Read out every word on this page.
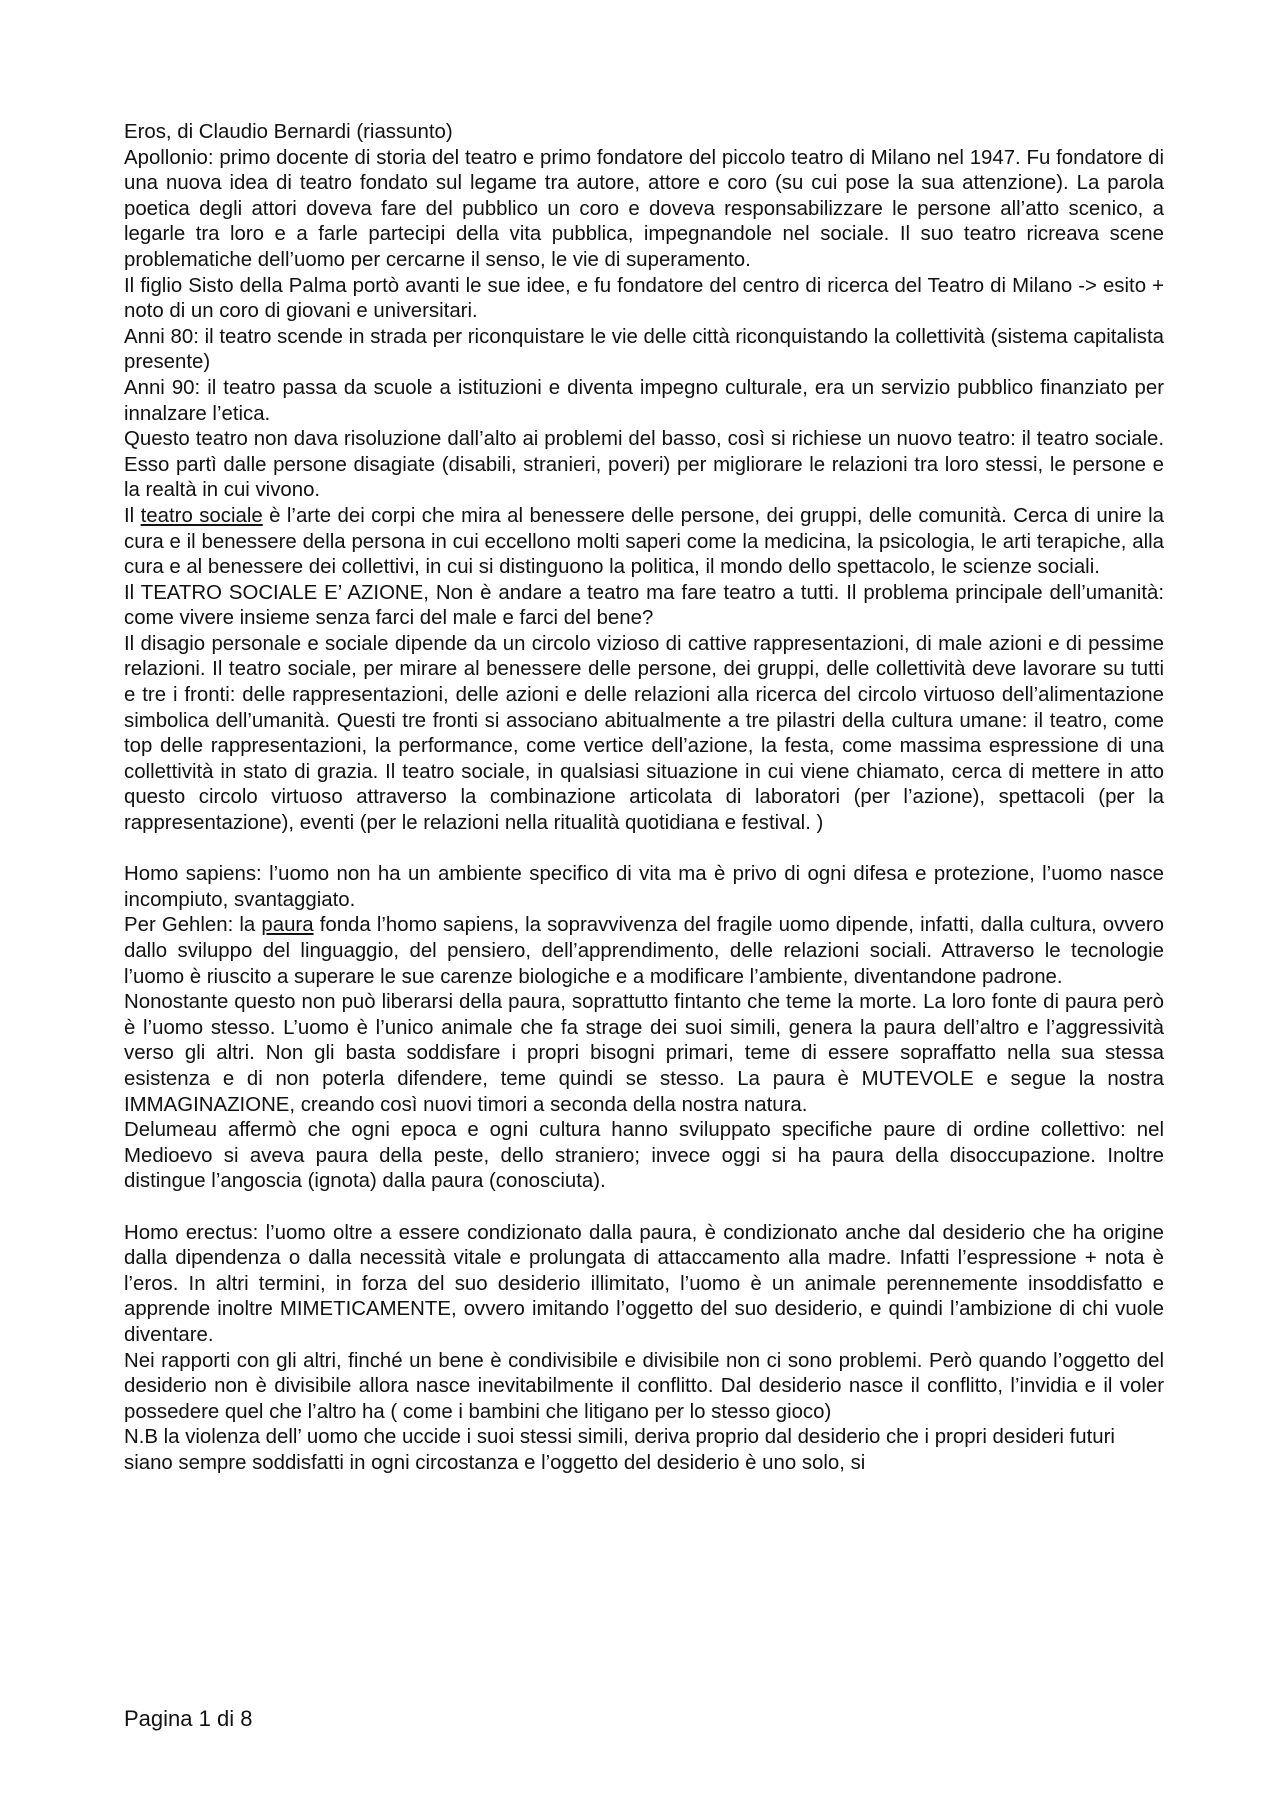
Eros, di Claudio Bernardi (riassunto)

Apollonio: primo docente di storia del teatro e primo fondatore del piccolo teatro di Milano nel 1947. Fu fondatore di una nuova idea di teatro fondato sul legame tra autore, attore e coro (su cui pose la sua attenzione). La parola poetica degli attori doveva fare del pubblico un coro e doveva responsabilizzare le persone all’atto scenico, a legarle tra loro e a farle partecipi della vita pubblica, impegnandole nel sociale. Il suo teatro ricreava scene problematiche dell’uomo per cercarne il senso, le vie di superamento.

Il figlio Sisto della Palma portò avanti le sue idee, e fu fondatore del centro di ricerca del Teatro di Milano -> esito + noto di un coro di giovani e universitari.

Anni 80: il teatro scende in strada per riconquistare le vie delle città riconquistando la collettività (sistema capitalista presente)

Anni 90: il teatro passa da scuole a istituzioni e diventa impegno culturale, era un servizio pubblico finanziato per innalzare l’etica.

Questo teatro non dava risoluzione dall’alto ai problemi del basso, così si richiese un nuovo teatro: il teatro sociale. Esso partì dalle persone disagiate (disabili, stranieri, poveri) per migliorare le relazioni tra loro stessi, le persone e la realtà in cui vivono.

Il teatro sociale è l’arte dei corpi che mira al benessere delle persone, dei gruppi, delle comunità. Cerca di unire la cura e il benessere della persona in cui eccellono molti saperi come la medicina, la psicologia, le arti terapiche, alla cura e al benessere dei collettivi, in cui si distinguono la politica, il mondo dello spettacolo, le scienze sociali.

Il TEATRO SOCIALE E’ AZIONE, Non è andare a teatro ma fare teatro a tutti. Il problema principale dell’umanità: come vivere insieme senza farci del male e farci del bene?

Il disagio personale e sociale dipende da un circolo vizioso di cattive rappresentazioni, di male azioni e di pessime relazioni. Il teatro sociale, per mirare al benessere delle persone, dei gruppi, delle collettività deve lavorare su tutti e tre i fronti: delle rappresentazioni, delle azioni e delle relazioni alla ricerca del circolo virtuoso dell’alimentazione simbolica dell’umanità. Questi tre fronti si associano abitualmente a tre pilastri della cultura umane: il teatro, come top delle rappresentazioni, la performance, come vertice dell’azione, la festa, come massima espressione di una collettività in stato di grazia. Il teatro sociale, in qualsiasi situazione in cui viene chiamato, cerca di mettere in atto questo circolo virtuoso attraverso la combinazione articolata di laboratori (per l’azione), spettacoli (per la rappresentazione), eventi (per le relazioni nella ritualità quotidiana e festival. )

Homo sapiens: l’uomo non ha un ambiente specifico di vita ma è privo di ogni difesa e protezione, l’uomo nasce incompiuto, svantaggiato.

Per Gehlen: la paura fonda l’homo sapiens, la sopravvivenza del fragile uomo dipende, infatti, dalla cultura, ovvero dallo sviluppo del linguaggio, del pensiero, dell’apprendimento, delle relazioni sociali. Attraverso le tecnologie l’uomo è riuscito a superare le sue carenze biologiche e a modificare l’ambiente, diventandone padrone.

Nonostante questo non può liberarsi della paura, soprattutto fintanto che teme la morte. La loro fonte di paura però è l’uomo stesso. L’uomo è l’unico animale che fa strage dei suoi simili, genera la paura dell’altro e l’aggressività verso gli altri. Non gli basta soddisfare i propri bisogni primari, teme di essere sopraffatto nella sua stessa esistenza e di non poterla difendere, teme quindi se stesso. La paura è MUTEVOLE e segue la nostra IMMAGINAZIONE, creando così nuovi timori a seconda della nostra natura.

Delumeau affermò che ogni epoca e ogni cultura hanno sviluppato specifiche paure di ordine collettivo: nel Medioevo si aveva paura della peste, dello straniero; invece oggi si ha paura della disoccupazione. Inoltre distingue l’angoscia (ignota) dalla paura (conosciuta).

Homo erectus: l’uomo oltre a essere condizionato dalla paura, è condizionato anche dal desiderio che ha origine dalla dipendenza o dalla necessità vitale e prolungata di attaccamento alla madre. Infatti l’espressione + nota è l’eros. In altri termini, in forza del suo desiderio illimitato, l’uomo è un animale perennemente insoddisfatto e apprende inoltre MIMETICAMENTE, ovvero imitando l’oggetto del suo desiderio, e quindi l’ambizione di chi vuole diventare.

Nei rapporti con gli altri, finché un bene è condivisibile e divisibile non ci sono problemi. Però quando l’oggetto del desiderio non è divisibile allora nasce inevitabilmente il conflitto. Dal desiderio nasce il conflitto, l’invidia e il voler possedere quel che l’altro ha ( come i bambini che litigano per lo stesso gioco)

N.B la violenza dell’ uomo che uccide i suoi stessi simili, deriva proprio dal desiderio che i propri desideri futuri siano sempre soddisfatti in ogni circostanza e l’oggetto del desiderio è uno solo, si

Pagina 1 di 8
